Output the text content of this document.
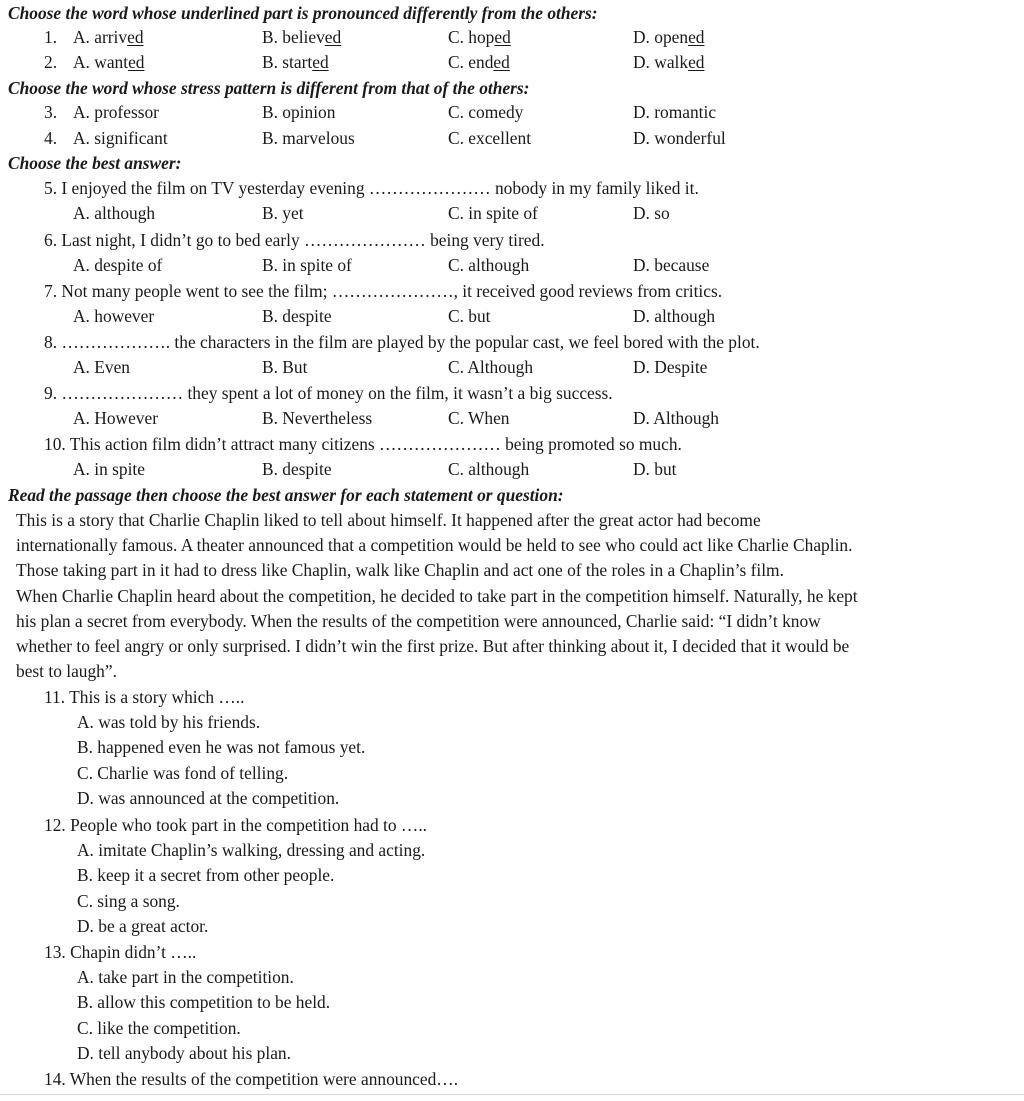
Choose the word whose underlined part is pronounced differently from the others:
Choose the word whose stress pattern is different from that of the others:
Choose the best answer:
Read the passage then choose the best answer for each statement or question:
1. A. arrived	B. believed	C. hoped	D. opened
2. A. wanted	B. started	C. ended	D. walked
3. A. professor	B. opinion	C. comedy	D. romantic
4. A. significant	B. marvelous	C. excellent	D. wonderful
5. I enjoyed the film on TV yesterday evening ………………… nobody in my family liked it.
A. although	B. yet	C. in spite of	D. so
6. Last night, I didn’t go to bed early ………………… being very tired.
A. despite of	B. in spite of	C. although	D. because
7. Not many people went to see the film; …………………, it received good reviews from critics.
A. however	B. despite	C. but	D. although
8. ………………. the characters in the film are played by the popular cast, we feel bored with the plot.
A. Even	B. But	C. Although	D. Despite
9. ………………… they spent a lot of money on the film, it wasn’t a big success.
A. However	B. Nevertheless	C. When	D. Although
10. This action film didn’t attract many citizens ………………… being promoted so much.
A. in spite	B. despite	C. although	D. but
This is a story that Charlie Chaplin liked to tell about himself. It happened after the great actor had become
internationally famous. A theater announced that a competition would be held to see who could act like Charlie Chaplin.
Those taking part in it had to dress like Chaplin, walk like Chaplin and act one of the roles in a Chaplin’s film.
When Charlie Chaplin heard about the competition, he decided to take part in the competition himself. Naturally, he kept
his plan a secret from everybody. When the results of the competition were announced, Charlie said: “I didn’t know
whether to feel angry or only surprised. I didn’t win the first prize. But after thinking about it, I decided that it would be
best to laugh”.
11. This is a story which …..
A. was told by his friends.
B. happened even he was not famous yet.
C. Charlie was fond of telling.
D. was announced at the competition.
12. People who took part in the competition had to …..
A. imitate Chaplin’s walking, dressing and acting.
B. keep it a secret from other people.
C. sing a song.
D. be a great actor.
13. Chapin didn’t …..
A. take part in the competition.
B. allow this competition to be held.
C. like the competition.
D. tell anybody about his plan.
14. When the results of the competition were announced….
